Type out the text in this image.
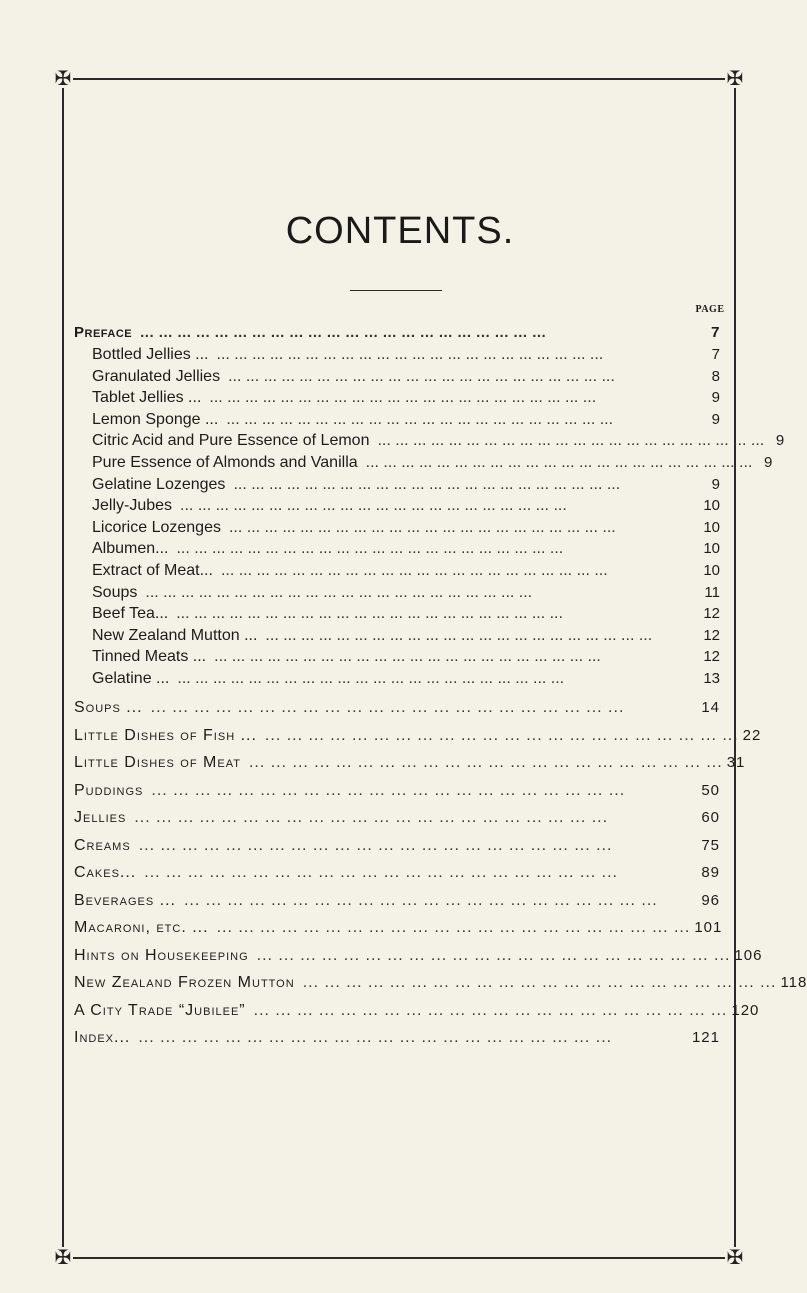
✠	✠
✠	✠
CONTENTS.
PAGE
Preface ... ... ... ... ... ... ... ... ... ... ... ... ... ... ... ... ... ... ... ... ... ...	7
Bottled Jellies ... ... ... ... ... ... ... ... ... ... ... ... ... ... ... ... ... ... ... ... ... ... ...	7
Granulated Jellies ... ... ... ... ... ... ... ... ... ... ... ... ... ... ... ... ... ... ... ... ... ...	8
Tablet Jellies ... ... ... ... ... ... ... ... ... ... ... ... ... ... ... ... ... ... ... ... ... ... ...	9
Lemon Sponge ... ... ... ... ... ... ... ... ... ... ... ... ... ... ... ... ... ... ... ... ... ... ...	9
Citric Acid and Pure Essence of Lemon ... ... ... ... ... ... ... ... ... ... ... ... ... ... ... ... ... ... ... ... ... ... 9
Pure Essence of Almonds and Vanilla ... ... ... ... ... ... ... ... ... ... ... ... ... ... ... ... ... ... ... ... ... ... 9
Gelatine Lozenges ... ... ... ... ... ... ... ... ... ... ... ... ... ... ... ... ... ... ... ... ... ...	9
Jelly-Jubes ... ... ... ... ... ... ... ... ... ... ... ... ... ... ... ... ... ... ... ... ... ...	10
Licorice Lozenges ... ... ... ... ... ... ... ... ... ... ... ... ... ... ... ... ... ... ... ... ... ...	10
Albumen... ... ... ... ... ... ... ... ... ... ... ... ... ... ... ... ... ... ... ... ... ... ...	10
Extract of Meat... ... ... ... ... ... ... ... ... ... ... ... ... ... ... ... ... ... ... ... ... ... ...	10
Soups ... ... ... ... ... ... ... ... ... ... ... ... ... ... ... ... ... ... ... ... ... ...	11
Beef Tea... ... ... ... ... ... ... ... ... ... ... ... ... ... ... ... ... ... ... ... ... ... ...	12
New Zealand Mutton ... ... ... ... ... ... ... ... ... ... ... ... ... ... ... ... ... ... ... ... ... ... ...	12
Tinned Meats ... ... ... ... ... ... ... ... ... ... ... ... ... ... ... ... ... ... ... ... ... ... ...	12
Gelatine ... ... ... ... ... ... ... ... ... ... ... ... ... ... ... ... ... ... ... ... ... ... ...	13
Soups ... ... ... ... ... ... ... ... ... ... ... ... ... ... ... ... ... ... ... ... ... ... ...	14
Little Dishes of Fish ... ... ... ... ... ... ... ... ... ... ... ... ... ... ... ... ... ... ... ... ... ... ... 22
Little Dishes of Meat ... ... ... ... ... ... ... ... ... ... ... ... ... ... ... ... ... ... ... ... ... ... 31
Puddings ... ... ... ... ... ... ... ... ... ... ... ... ... ... ... ... ... ... ... ... ... ...	50
Jellies ... ... ... ... ... ... ... ... ... ... ... ... ... ... ... ... ... ... ... ... ... ...	60
Creams ... ... ... ... ... ... ... ... ... ... ... ... ... ... ... ... ... ... ... ... ... ...	75
Cakes... ... ... ... ... ... ... ... ... ... ... ... ... ... ... ... ... ... ... ... ... ... ...	89
Beverages ... ... ... ... ... ... ... ... ... ... ... ... ... ... ... ... ... ... ... ... ... ... ...	96
Macaroni, etc. ... ... ... ... ... ... ... ... ... ... ... ... ... ... ... ... ... ... ... ... ... ... ... 101
Hints on Housekeeping ... ... ... ... ... ... ... ... ... ... ... ... ... ... ... ... ... ... ... ... ... ... 106
New Zealand Frozen Mutton ... ... ... ... ... ... ... ... ... ... ... ... ... ... ... ... ... ... ... ... ... ... 118
A City Trade “Jubilee” ... ... ... ... ... ... ... ... ... ... ... ... ... ... ... ... ... ... ... ... ... ... 120
Index... ... ... ... ... ... ... ... ... ... ... ... ... ... ... ... ... ... ... ... ... ... ...	121
